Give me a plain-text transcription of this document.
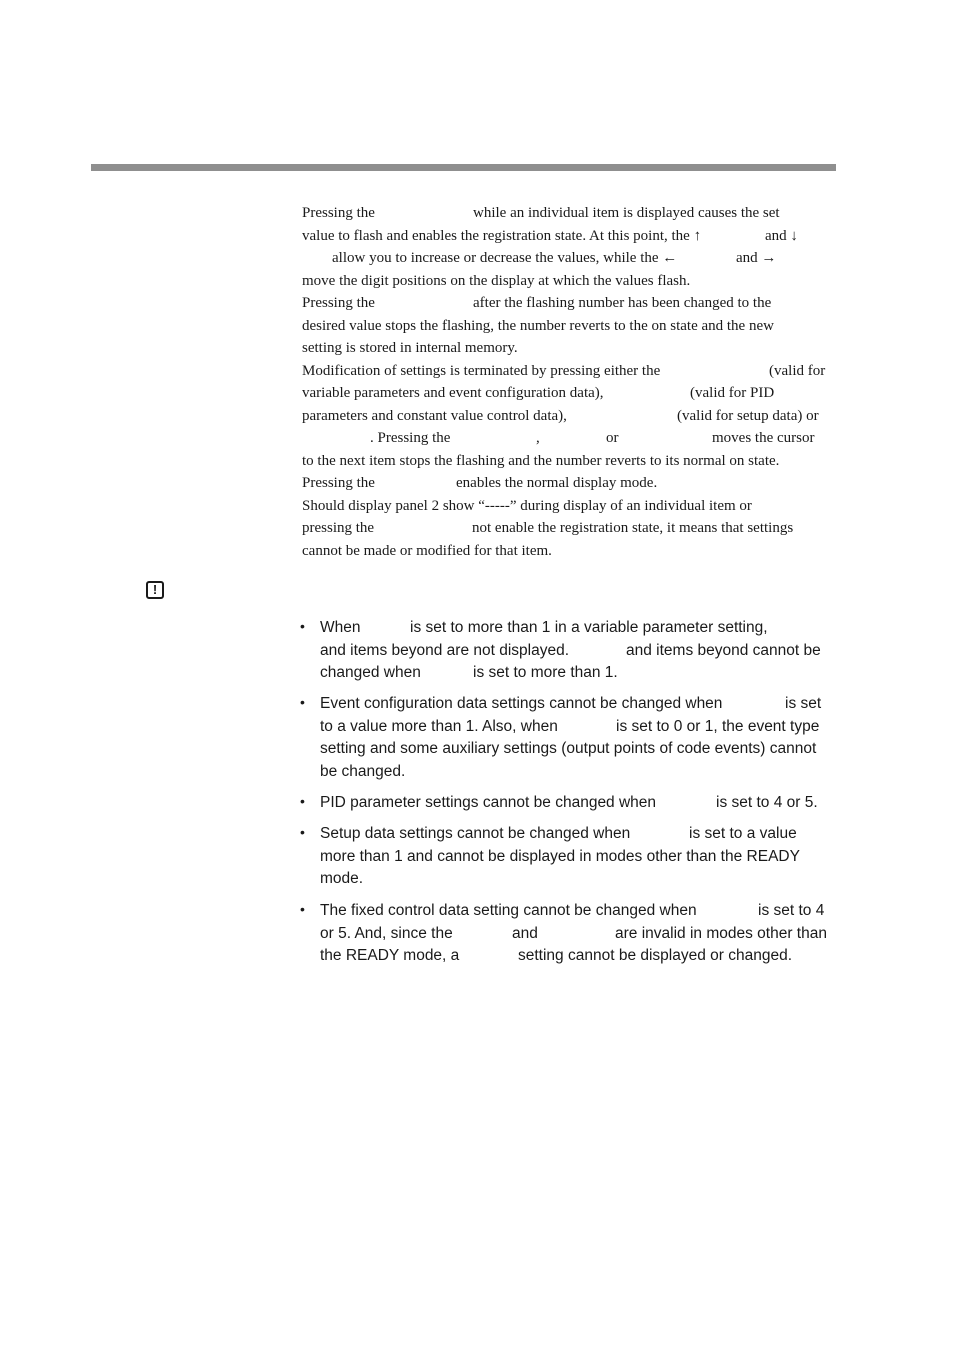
Pressing the	while an individual item is displayed causes the set
value to flash and enables the registration state. At this point, the ↑	and ↓
allow you to increase or decrease the values, while the ←	and →
move the digit positions on the display at which the values flash.
Pressing the	after the flashing number has been changed to the
desired value stops the flashing, the number reverts to the on state and the new
setting is stored in internal memory.
Modification of settings is terminated by pressing either the	(valid for
variable parameters and event configuration data),	(valid for PID
parameters and constant value control data),	(valid for setup data) or
. Pressing the	,	or	moves the cursor
to the next item stops the flashing and the number reverts to its normal on state.
Pressing the	enables the normal display mode.
Should display panel 2 show “-----” during display of an individual item or
pressing the	not enable the registration state, it means that settings
cannot be made or modified for that item.
!
• When	is set to more than 1 in a variable parameter setting,
and items beyond are not displayed.	and items beyond cannot be
changed when	is set to more than 1.
• Event configuration data settings cannot be changed when	is set
to a value more than 1. Also, when	is set to 0 or 1, the event type
setting and some auxiliary settings (output points of code events) cannot
be changed.
• PID parameter settings cannot be changed when	is set to 4 or 5.
• Setup data settings cannot be changed when	is set to a value
more than 1 and cannot be displayed in modes other than the READY
mode.
• The fixed control data setting cannot be changed when	is set to 4
or 5. And, since the	and	are invalid in modes other than
the READY mode, a	setting cannot be displayed or changed.
